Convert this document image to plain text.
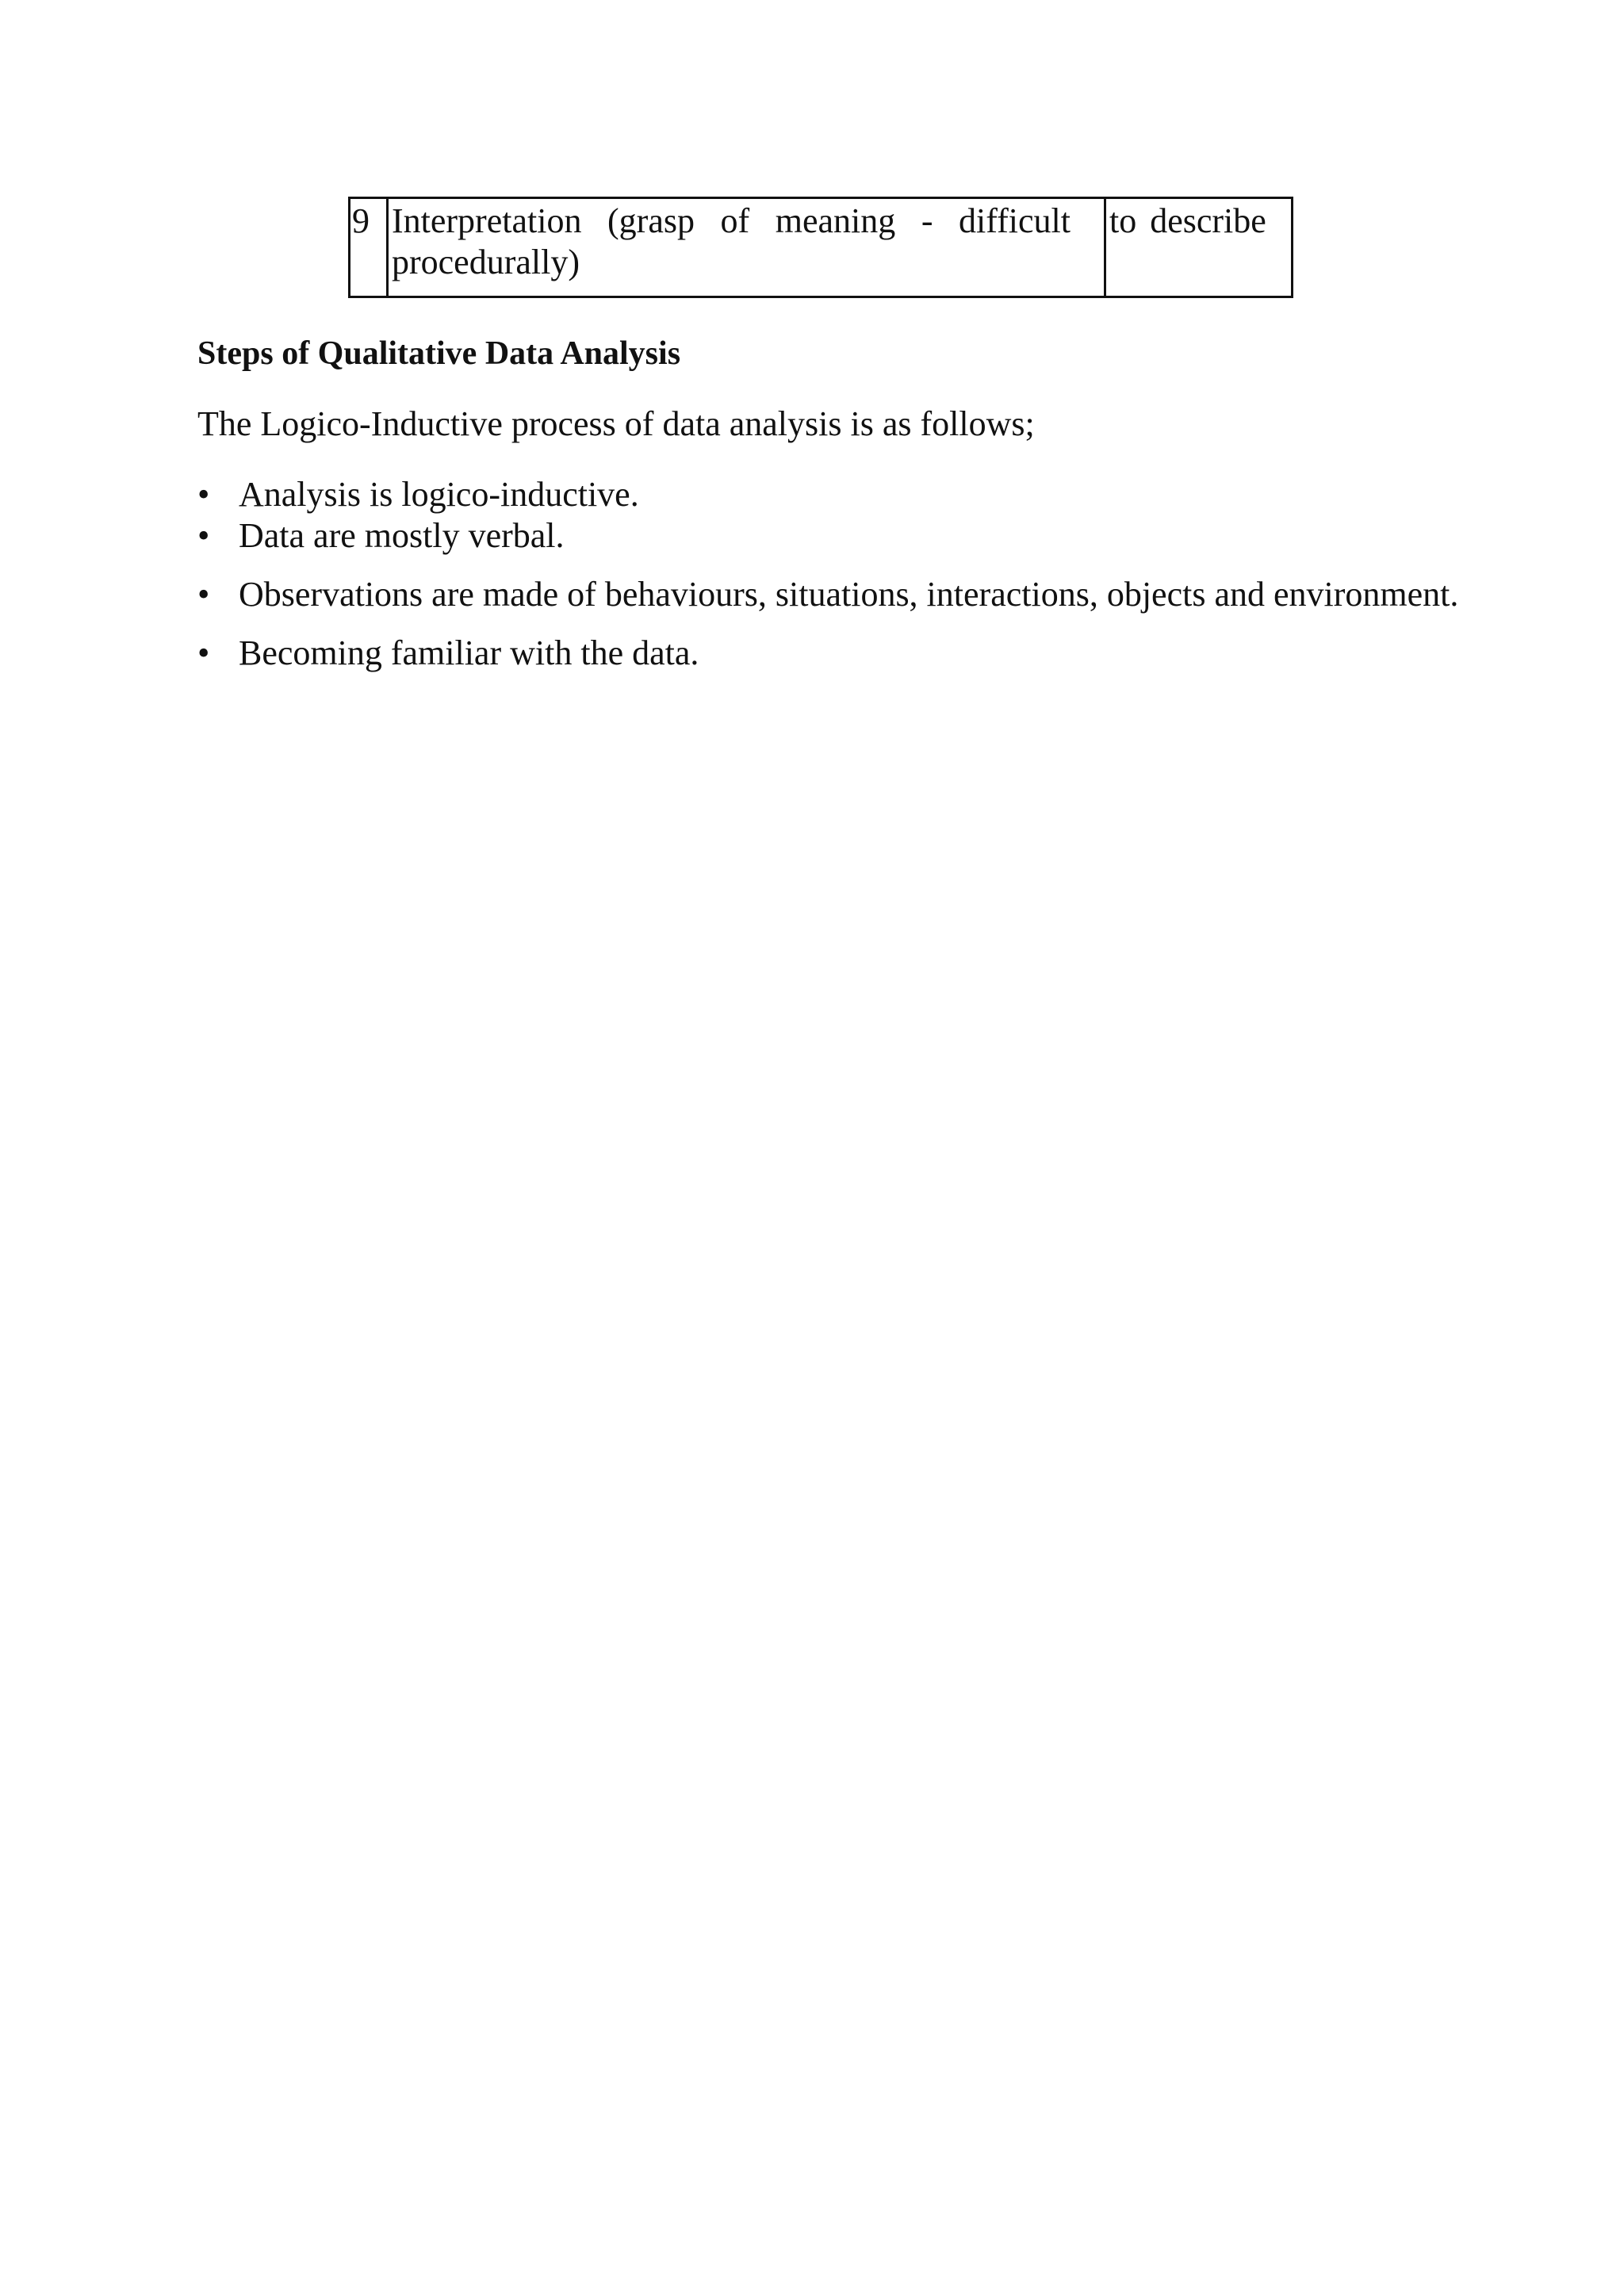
9 Interpretation (grasp of meaning - difficult procedurally)
to describe
Steps of Qualitative Data Analysis
The Logico-Inductive process of data analysis is as follows;
• Analysis is logico-inductive.
• Data are mostly verbal.
• Observations are made of behaviours, situations, interactions, objects and environment.
• Becoming familiar with the data.
